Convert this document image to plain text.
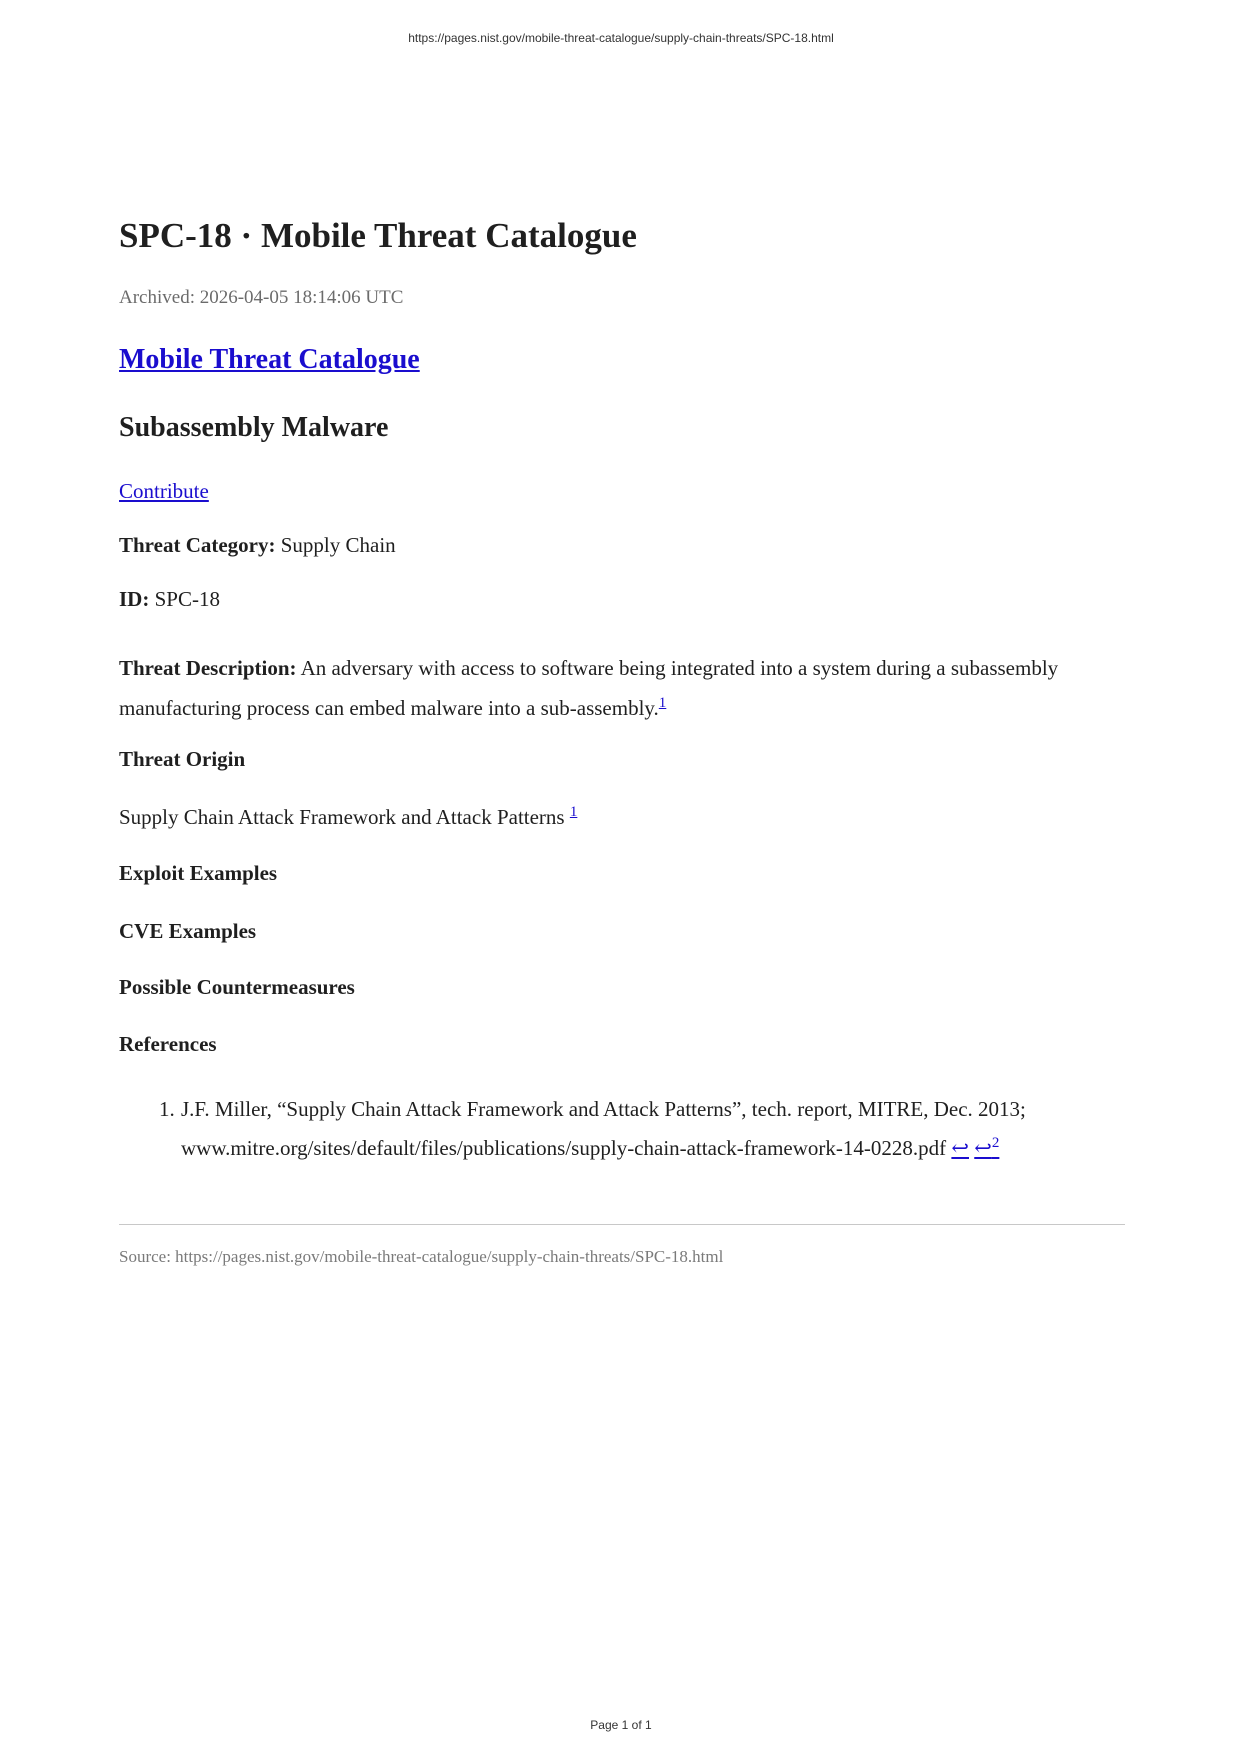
https://pages.nist.gov/mobile-threat-catalogue/supply-chain-threats/SPC-18.html
SPC-18 · Mobile Threat Catalogue
Archived: 2026-04-05 18:14:06 UTC
Mobile Threat Catalogue
Subassembly Malware
Contribute
Threat Category: Supply Chain
ID: SPC-18
Threat Description: An adversary with access to software being integrated into a system during a subassembly manufacturing process can embed malware into a sub-assembly.$^1$
Threat Origin
Supply Chain Attack Framework and Attack Patterns $^1$
Exploit Examples
CVE Examples
Possible Countermeasures
References
1. J.F. Miller, “Supply Chain Attack Framework and Attack Patterns”, tech. report, MITRE, Dec. 2013; www.mitre.org/sites/default/files/publications/supply-chain-attack-framework-14-0228.pdf ↩ ↩$^2$
Source: https://pages.nist.gov/mobile-threat-catalogue/supply-chain-threats/SPC-18.html
Page 1 of 1
